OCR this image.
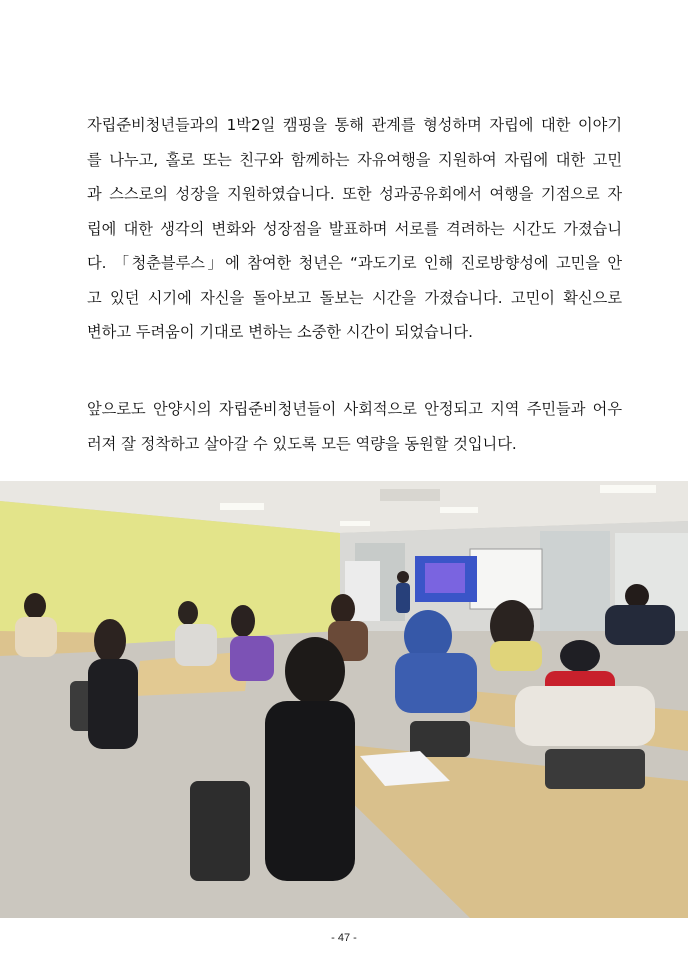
자립준비청년들과의 1박2일 캠핑을 통해 관계를 형성하며 자립에 대한 이야기
를 나누고, 홀로 또는 친구와 함께하는 자유여행을 지원하여 자립에 대한 고민
과 스스로의 성장을 지원하였습니다. 또한 성과공유회에서 여행을 기점으로 자
립에 대한 생각의 변화와 성장점을 발표하며 서로를 격려하는 시간도 가졌습니
다. 「청춘블루스」에 참여한 청년은 “과도기로 인해 진로방향성에 고민을 안
고 있던 시기에 자신을 돌아보고 돌보는 시간을 가졌습니다. 고민이 확신으로
변하고 두려움이 기대로 변하는 소중한 시간이 되었습니다.
앞으로도 안양시의 자립준비청년들이 사회적으로 안정되고 지역 주민들과 어우
러져 잘 정착하고 살아갈 수 있도록 모든 역량을 동원할 것입니다.
- 47 -
